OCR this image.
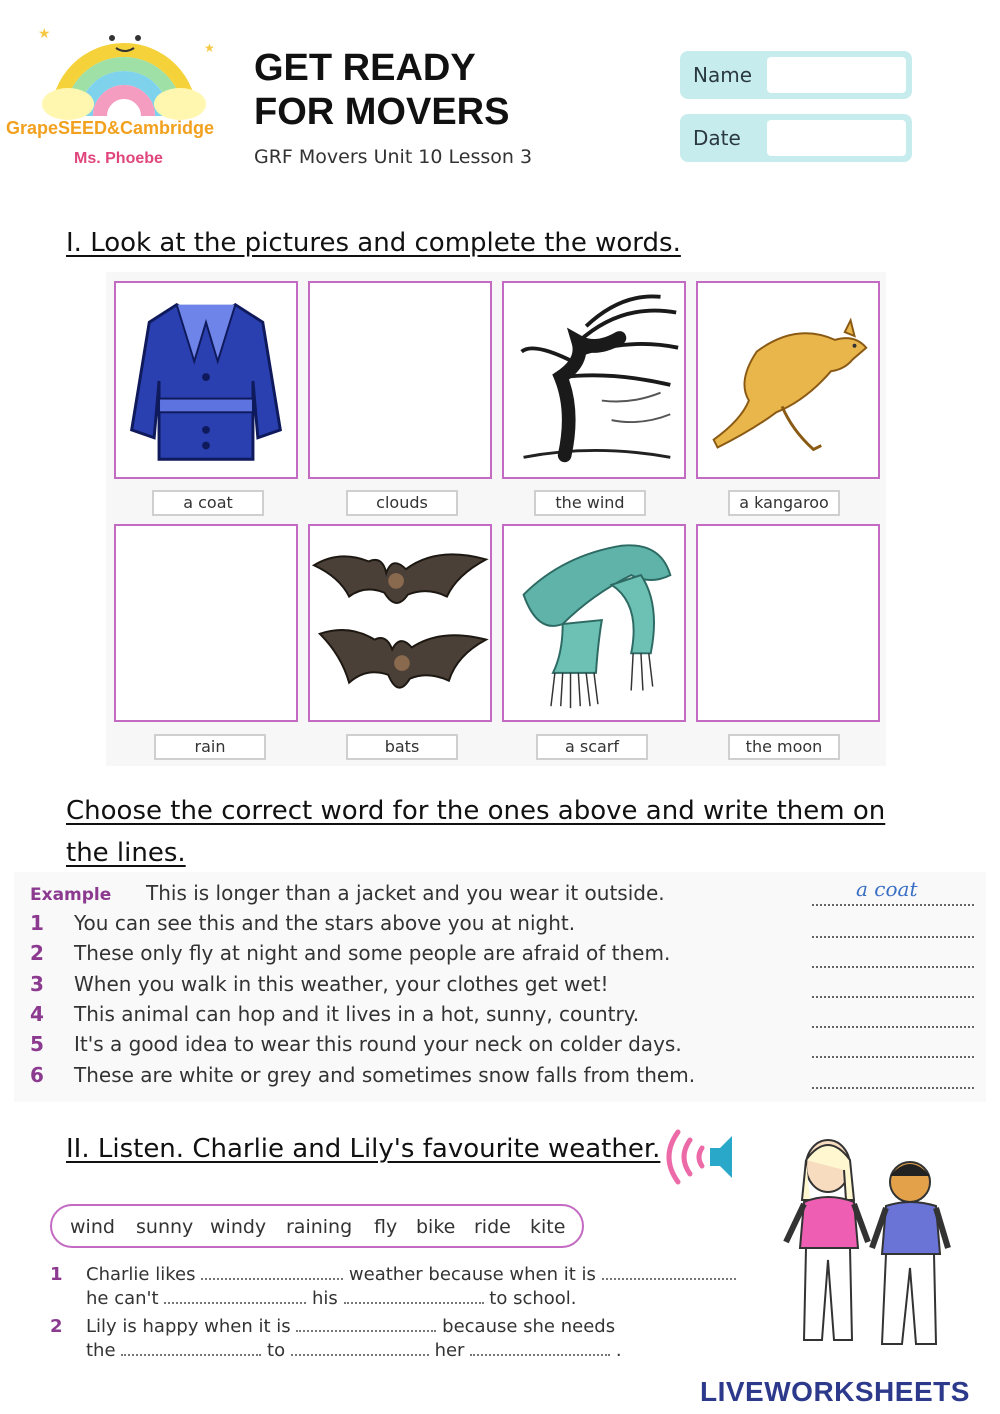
★
★
GrapeSEED&Cambridge
Ms. Phoebe
GET READY
FOR MOVERS
GRF Movers Unit 10 Lesson 3
Name
Date
I. Look at the pictures and complete the words.
a coat	clouds	the wind	a kangaroo
rain	bats	a scarf	the moon
Choose the correct word for the ones above and write them on
the lines.
Example This is longer than a jacket and you wear it outside.	a coat
1 You can see this and the stars above you at night.
2 These only fly at night and some people are afraid of them.
3 When you walk in this weather, your clothes get wet!
4 This animal can hop and it lives in a hot, sunny, country.
5 It's a good idea to wear this round your neck on colder days.
6 These are white or grey and sometimes snow falls from them.
II. Listen. Charlie and Lily's favourite weather.
wind sunny windy raining fly bike ride kite
1 Charlie likes	weather because when it is
he can't	his	to school.
2 Lily is happy when it is	because she needs
the	to	her	.
LIVEWORKSHEETS
